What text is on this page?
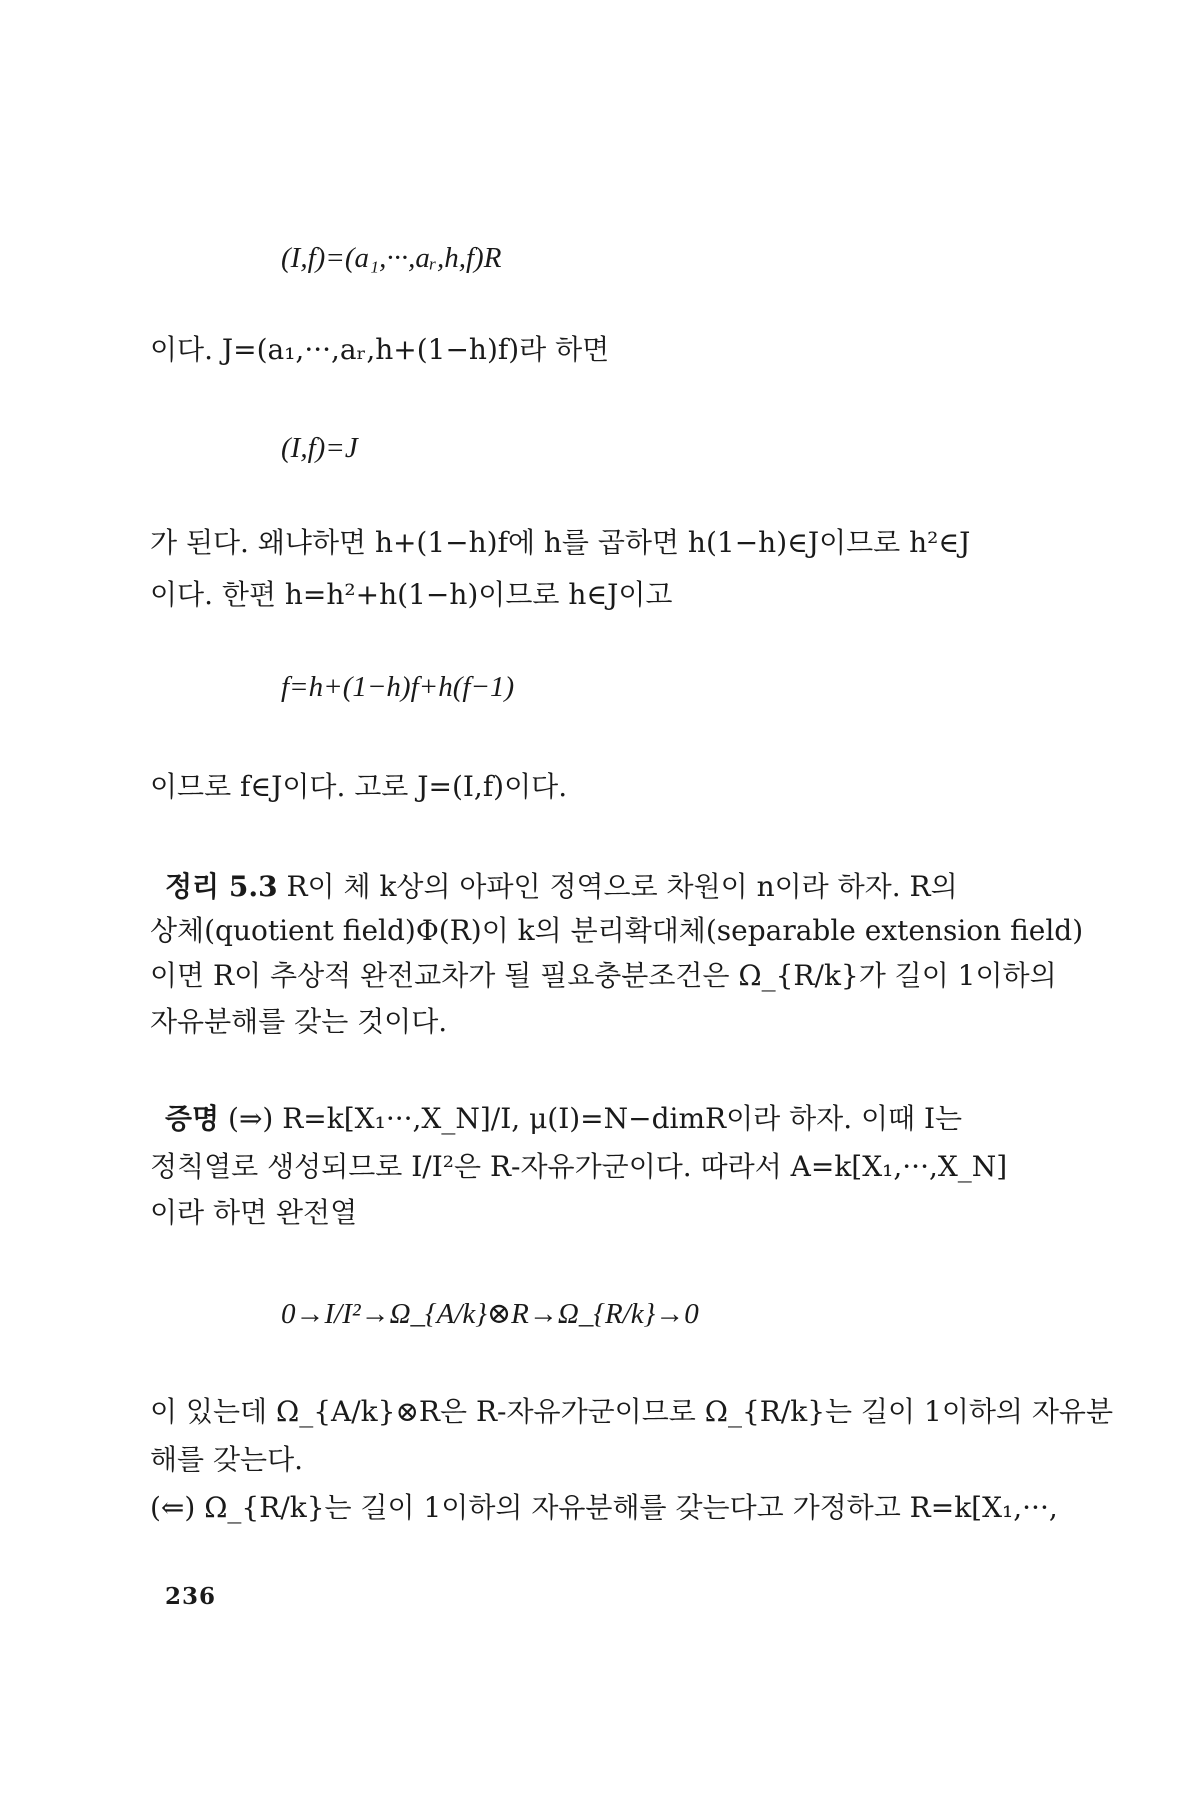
(I,f)=(a₁,···,aᵣ,h,f)R
이다. J=(a₁,···,aᵣ,h+(1−h)f)라 하면
(I,f)=J
가 된다. 왜냐하면 h+(1−h)f에 h를 곱하면 h(1−h)∈J이므로 h²∈J
이다. 한편 h=h²+h(1−h)이므로 h∈J이고
f=h+(1−h)f+h(f−1)
이므로 f∈J이다. 고로 J=(I,f)이다.
정리 5.3 R이 체 k상의 아파인 정역으로 차원이 n이라 하자. R의
상체(quotient field)Φ(R)이 k의 분리확대체(separable extension field)
이면 R이 추상적 완전교차가 될 필요충분조건은 Ω_{R/k}가 길이 1이하의
자유분해를 갖는 것이다.
증명 (⇒) R=k[X₁···,X_N]/I, μ(I)=N−dimR이라 하자. 이때 I는
정칙열로 생성되므로 I/I²은 R-자유가군이다. 따라서 A=k[X₁,···,X_N]
이라 하면 완전열
0→I/I²→Ω_{A/k}⊗R→Ω_{R/k}→0
이 있는데 Ω_{A/k}⊗R은 R-자유가군이므로 Ω_{R/k}는 길이 1이하의 자유분
해를 갖는다.
(⇐) Ω_{R/k}는 길이 1이하의 자유분해를 갖는다고 가정하고 R=k[X₁,···,
236
